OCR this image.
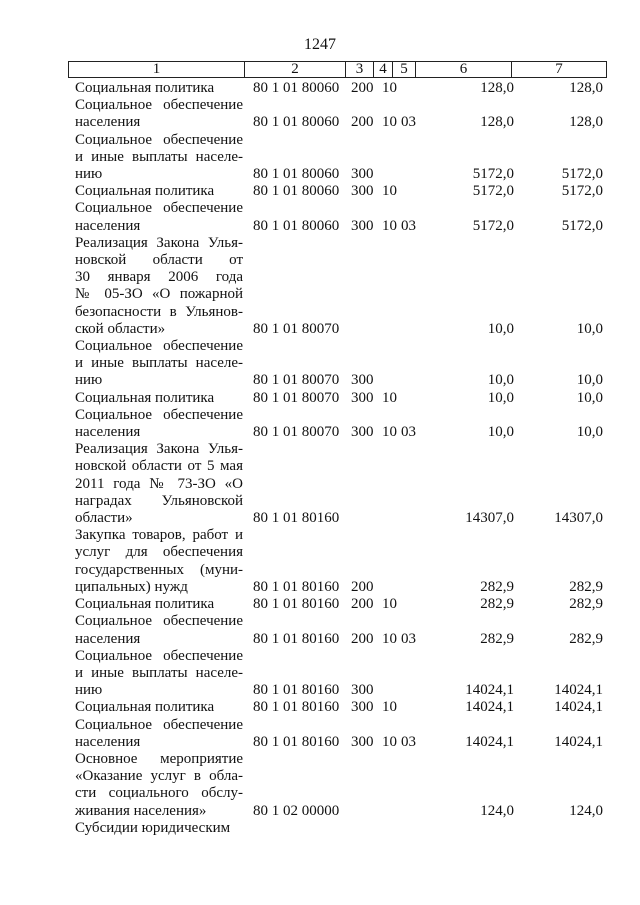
1247
1	2	3	4	5	6	7
Социальная политика	80 1 01 80060 200 10	128,0	128,0
Социальное обеспечение
населения	80 1 01 80060 200 10 03	128,0	128,0
Социальное обеспечение
и иные выплаты населе-
нию	80 1 01 80060 300	5172,0	5172,0
Социальная политика	80 1 01 80060 300 10	5172,0	5172,0
Социальное обеспечение
населения	80 1 01 80060 300 10 03	5172,0	5172,0
Реализация Закона Улья-
новской области от
30 января 2006 года
№ 05-ЗО «О пожарной
безопасности в Ульянов-
ской области»	80 1 01 80070	10,0	10,0
Социальное обеспечение
и иные выплаты населе-
нию	80 1 01 80070 300	10,0	10,0
Социальная политика	80 1 01 80070 300 10	10,0	10,0
Социальное обеспечение
населения	80 1 01 80070 300 10 03	10,0	10,0
Реализация Закона Улья-
новской области от 5 мая
2011 года № 73-ЗО «О
наградах Ульяновской
области»	80 1 01 80160	14307,0	14307,0
Закупка товаров, работ и
услуг для обеспечения
государственных (муни-
ципальных) нужд	80 1 01 80160 200	282,9	282,9
Социальная политика	80 1 01 80160 200 10	282,9	282,9
Социальное обеспечение
населения	80 1 01 80160 200 10 03	282,9	282,9
Социальное обеспечение
и иные выплаты населе-
нию	80 1 01 80160 300	14024,1	14024,1
Социальная политика	80 1 01 80160 300 10	14024,1	14024,1
Социальное обеспечение
населения	80 1 01 80160 300 10 03	14024,1	14024,1
Основное мероприятие
«Оказание услуг в обла-
сти социального обслу-
живания населения»	80 1 02 00000	124,0	124,0
Субсидии юридическим
